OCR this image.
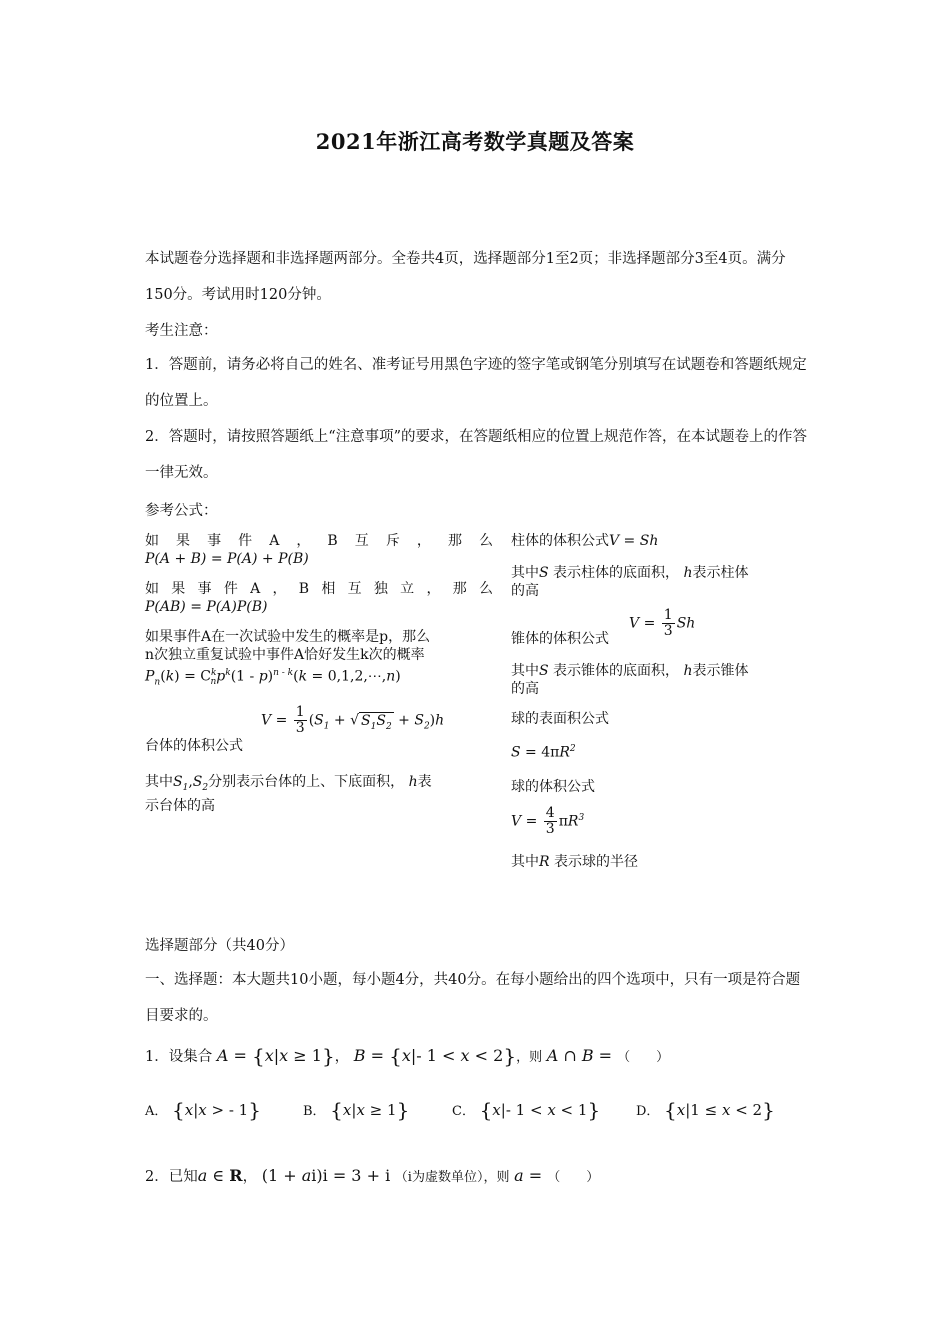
2021年浙江高考数学真题及答案
本试题卷分选择题和非选择题两部分。全卷共4页，选择题部分1至2页；非选择题部分3至4页。满分150分。考试用时120分钟。
考生注意：
1．答题前，请务必将自己的姓名、准考证号用黑色字迹的签字笔或钢笔分别填写在试题卷和答题纸规定的位置上。
2．答题时，请按照答题纸上“注意事项”的要求，在答题纸相应的位置上规范作答，在本试题卷上的作答一律无效。
参考公式：
如果事件A，B互斥，那么
P(A + B) = P(A) + P(B)
如果事件A，B相互独立，那么
P(AB) = P(A)P(B)
如果事件A在一次试验中发生的概率是p，那么
n次独立重复试验中事件A恰好发生k次的概率
$P_n(k) = C^k_np^k(1 - p)^{n - k}(k$ = 0,1,2,⋯,n)
台体的体积公式
$V = \frac{1}{3} (S_1$ + √ $S_1S_2 + S_2)h$
其中$S_1,S_2$分别表示台体的上、下底面积， h表
示台体的高
柱体的体积公式V = Sh
其中S 表示柱体的底面积， h表示柱体
的高
锥体的体积公式
$V = \frac{1}{3}$ Sh
其中S 表示锥体的底面积， h表示锥体
的高
球的表面积公式
$S = 4\pi R^2$
球的体积公式
$V = \frac{4}{3} \pi R^3$
其中R 表示球的半径
选择题部分（共40分）
一、选择题：本大题共10小题，每小题4分，共40分。在每小题给出的四个选项中，只有一项是符合题目要求的。
1．设集合 A = {x|x ≥ 1}， B = {x|- 1 < x < 2}，则 A ∩ B = （　　）
A． {x|x > - 1}	B． {x|x ≥ 1}	C． {x|- 1 < x < 1}	D． {x|1 ≤ x < 2}
2．已知a ∈ R， (1 + ai)i = 3 + i （i为虚数单位），则 a = （　　）
